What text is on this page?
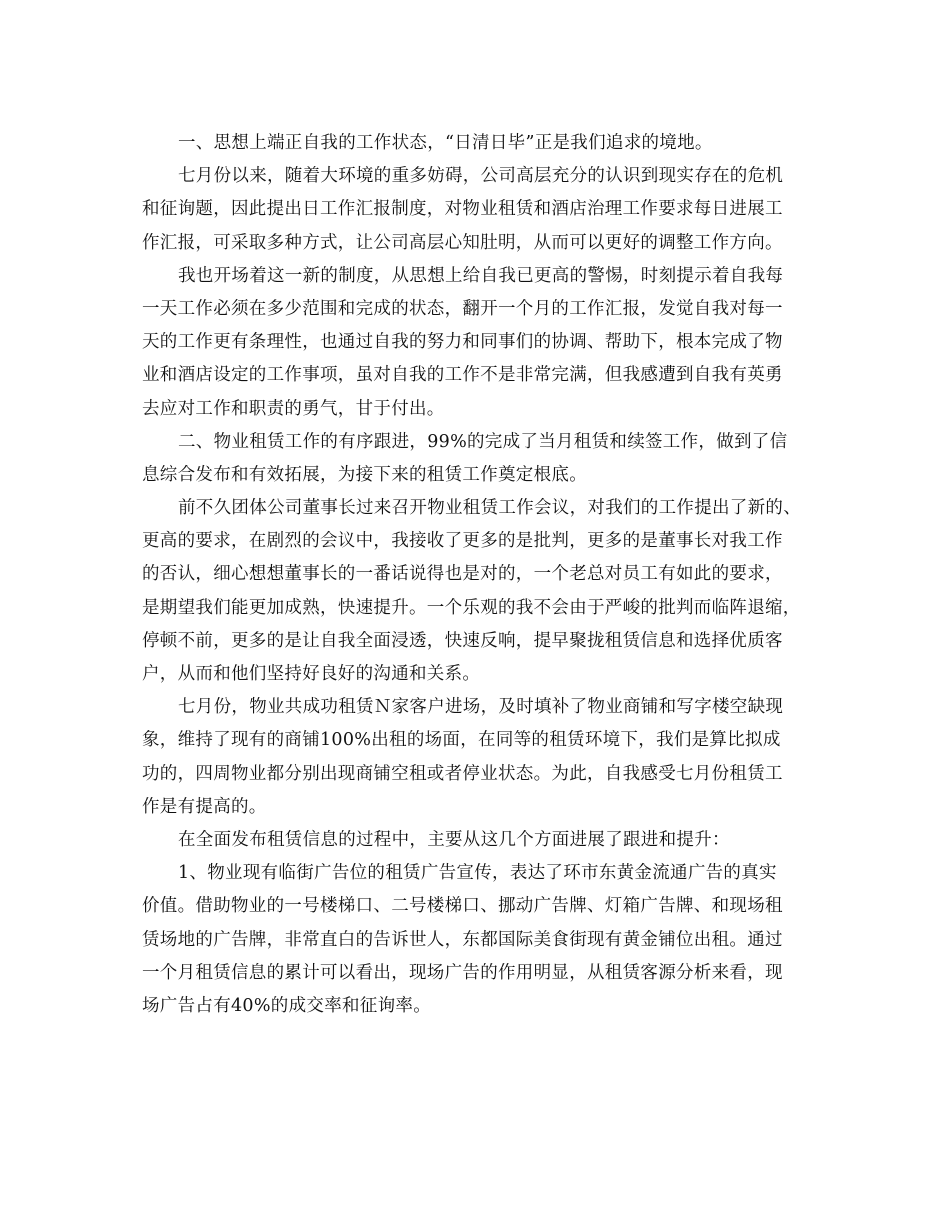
一、思想上端正自我的工作状态，“日清日毕”正是我们追求的境地。
七月份以来，随着大环境的重多妨碍，公司高层充分的认识到现实存在的危机
和征询题，因此提出日工作汇报制度，对物业租赁和酒店治理工作要求每日进展工
作汇报，可采取多种方式，让公司高层心知肚明，从而可以更好的调整工作方向。
我也开场着这一新的制度，从思想上给自我已更高的警惕，时刻提示着自我每
一天工作必须在多少范围和完成的状态，翻开一个月的工作汇报，发觉自我对每一
天的工作更有条理性，也通过自我的努力和同事们的协调、帮助下，根本完成了物
业和酒店设定的工作事项，虽对自我的工作不是非常完满，但我感遭到自我有英勇
去应对工作和职责的勇气，甘于付出。
二、物业租赁工作的有序跟进，99%的完成了当月租赁和续签工作，做到了信
息综合发布和有效拓展，为接下来的租赁工作奠定根底。
前不久团体公司董事长过来召开物业租赁工作会议，对我们的工作提出了新的、
更高的要求，在剧烈的会议中，我接收了更多的是批判，更多的是董事长对我工作
的否认，细心想想董事长的一番话说得也是对的，一个老总对员工有如此的要求，
是期望我们能更加成熟，快速提升。一个乐观的我不会由于严峻的批判而临阵退缩，
停顿不前，更多的是让自我全面浸透，快速反响，提早聚拢租赁信息和选择优质客
户，从而和他们坚持好良好的沟通和关系。
七月份，物业共成功租赁Ｎ家客户进场，及时填补了物业商铺和写字楼空缺现
象，维持了现有的商铺100%出租的场面，在同等的租赁环境下，我们是算比拟成
功的，四周物业都分别出现商铺空租或者停业状态。为此，自我感受七月份租赁工
作是有提高的。
在全面发布租赁信息的过程中，主要从这几个方面进展了跟进和提升：
1、物业现有临街广告位的租赁广告宣传，表达了环市东黄金流通广告的真实
价值。借助物业的一号楼梯口、二号楼梯口、挪动广告牌、灯箱广告牌、和现场租
赁场地的广告牌，非常直白的告诉世人，东都国际美食街现有黄金铺位出租。通过
一个月租赁信息的累计可以看出，现场广告的作用明显，从租赁客源分析来看，现
场广告占有40%的成交率和征询率。
